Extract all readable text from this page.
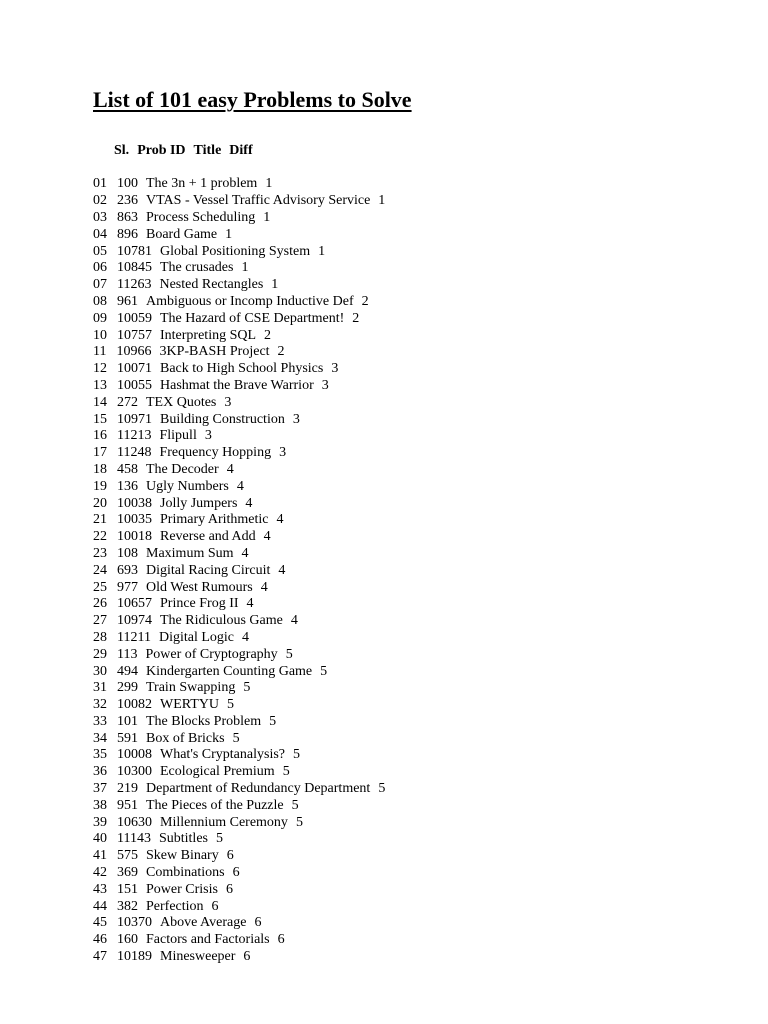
List of 101 easy Problems to Solve

Sl. Prob ID Title Diff

01 100 The 3n + 1 problem 1
02 236 VTAS - Vessel Traffic Advisory Service 1
03 863 Process Scheduling 1
04 896 Board Game 1
05 10781 Global Positioning System 1
06 10845 The crusades 1
07 11263 Nested Rectangles 1
08 961 Ambiguous or Incomp Inductive Def 2
09 10059 The Hazard of CSE Department! 2
10 10757 Interpreting SQL 2
11 10966 3KP-BASH Project 2
12 10071 Back to High School Physics 3
13 10055 Hashmat the Brave Warrior 3
14 272 TEX Quotes 3
15 10971 Building Construction 3
16 11213 Flipull 3
17 11248 Frequency Hopping 3
18 458 The Decoder 4
19 136 Ugly Numbers 4
20 10038 Jolly Jumpers 4
21 10035 Primary Arithmetic 4
22 10018 Reverse and Add 4
23 108 Maximum Sum 4
24 693 Digital Racing Circuit 4
25 977 Old West Rumours 4
26 10657 Prince Frog II 4
27 10974 The Ridiculous Game 4
28 11211 Digital Logic 4
29 113 Power of Cryptography 5
30 494 Kindergarten Counting Game 5
31 299 Train Swapping 5
32 10082 WERTYU 5
33 101 The Blocks Problem 5
34 591 Box of Bricks 5
35 10008 What's Cryptanalysis? 5
36 10300 Ecological Premium 5
37 219 Department of Redundancy Department 5
38 951 The Pieces of the Puzzle 5
39 10630 Millennium Ceremony 5
40 11143 Subtitles 5
41 575 Skew Binary 6
42 369 Combinations 6
43 151 Power Crisis 6
44 382 Perfection 6
45 10370 Above Average 6
46 160 Factors and Factorials 6
47 10189 Minesweeper 6
